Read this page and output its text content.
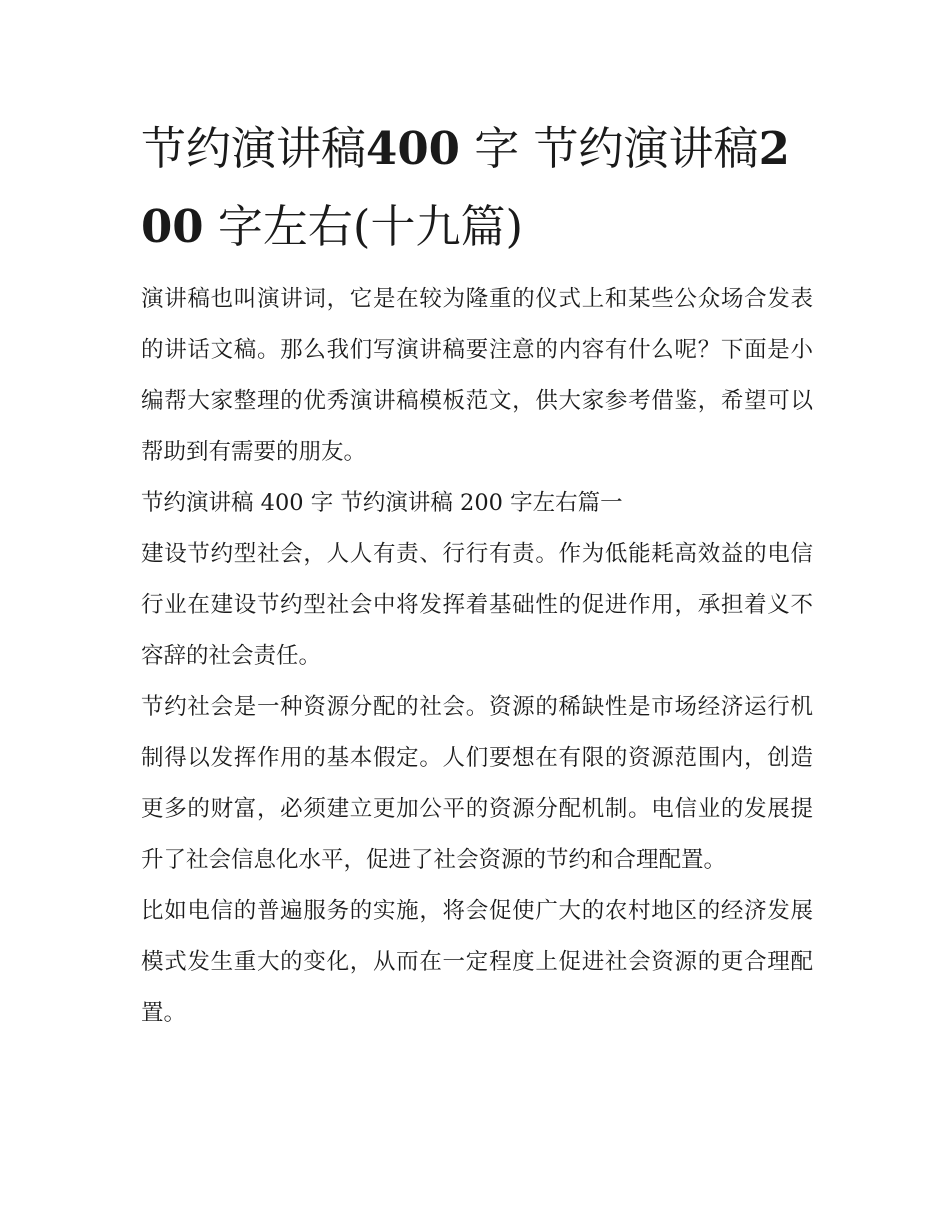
节约演讲稿400 字 节约演讲稿200 字左右(十九篇)

演讲稿也叫演讲词，它是在较为隆重的仪式上和某些公众场合发表的讲话文稿。那么我们写演讲稿要注意的内容有什么呢？下面是小编帮大家整理的优秀演讲稿模板范文，供大家参考借鉴，希望可以帮助到有需要的朋友。

节约演讲稿 400 字 节约演讲稿 200 字左右篇一

建设节约型社会，人人有责、行行有责。作为低能耗高效益的电信行业在建设节约型社会中将发挥着基础性的促进作用，承担着义不容辞的社会责任。

节约社会是一种资源分配的社会。资源的稀缺性是市场经济运行机制得以发挥作用的基本假定。人们要想在有限的资源范围内，创造更多的财富，必须建立更加公平的资源分配机制。电信业的发展提升了社会信息化水平，促进了社会资源的节约和合理配置。

比如电信的普遍服务的实施，将会促使广大的农村地区的经济发展模式发生重大的变化，从而在一定程度上促进社会资源的更合理配置。
